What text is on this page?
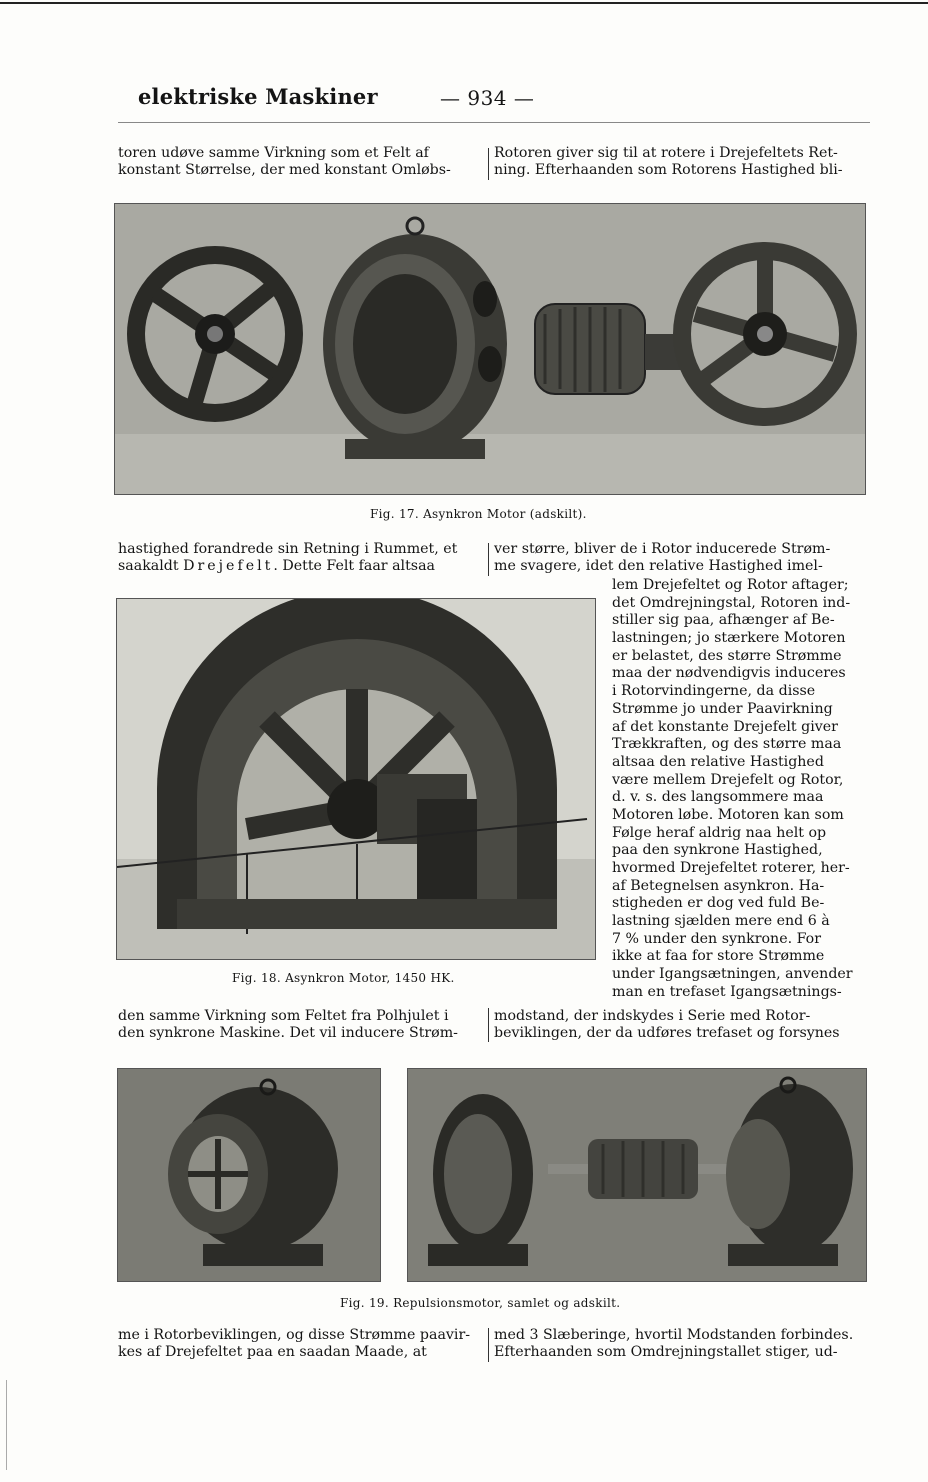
elektriske Maskiner	— 934 —
toren udøve samme Virkning som et Felt af
konstant Størrelse, der med konstant Omløbs-
Rotoren giver sig til at rotere i Drejefeltets Ret-
ning. Efterhaanden som Rotorens Hastighed bli-
Fig. 17. Asynkron Motor (adskilt).
hastighed forandrede sin Retning i Rummet, et
saakaldt Drejefelt. Dette Felt faar altsaa
ver større, bliver de i Rotor inducerede Strøm-
me svagere, idet den relative Hastighed imel-
Fig. 18. Asynkron Motor, 1450 HK.
lem Drejefeltet og Rotor aftager;
det Omdrejningstal, Rotoren ind-
stiller sig paa, afhænger af Be-
lastningen; jo stærkere Motoren
er belastet, des større Strømme
maa der nødvendigvis induceres
i Rotorvindingerne, da disse
Strømme jo under Paavirkning
af det konstante Drejefelt giver
Trækkraften, og des større maa
altsaa den relative Hastighed
være mellem Drejefelt og Rotor,
d. v. s. des langsommere maa
Motoren løbe. Motoren kan som
Følge heraf aldrig naa helt op
paa den synkrone Hastighed,
hvormed Drejefeltet roterer, her-
af Betegnelsen asynkron. Ha-
stigheden er dog ved fuld Be-
lastning sjælden mere end 6 à
7 % under den synkrone. For
ikke at faa for store Strømme
under Igangsætningen, anvender
man en trefaset Igangsætnings-
den samme Virkning som Feltet fra Polhjulet i
den synkrone Maskine. Det vil inducere Strøm-
modstand, der indskydes i Serie med Rotor-
beviklingen, der da udføres trefaset og forsynes
Fig. 19. Repulsionsmotor, samlet og adskilt.
me i Rotorbeviklingen, og disse Strømme paavir-
kes af Drejefeltet paa en saadan Maade, at
med 3 Slæberinge, hvortil Modstanden forbindes.
Efterhaanden som Omdrejningstallet stiger, ud-
